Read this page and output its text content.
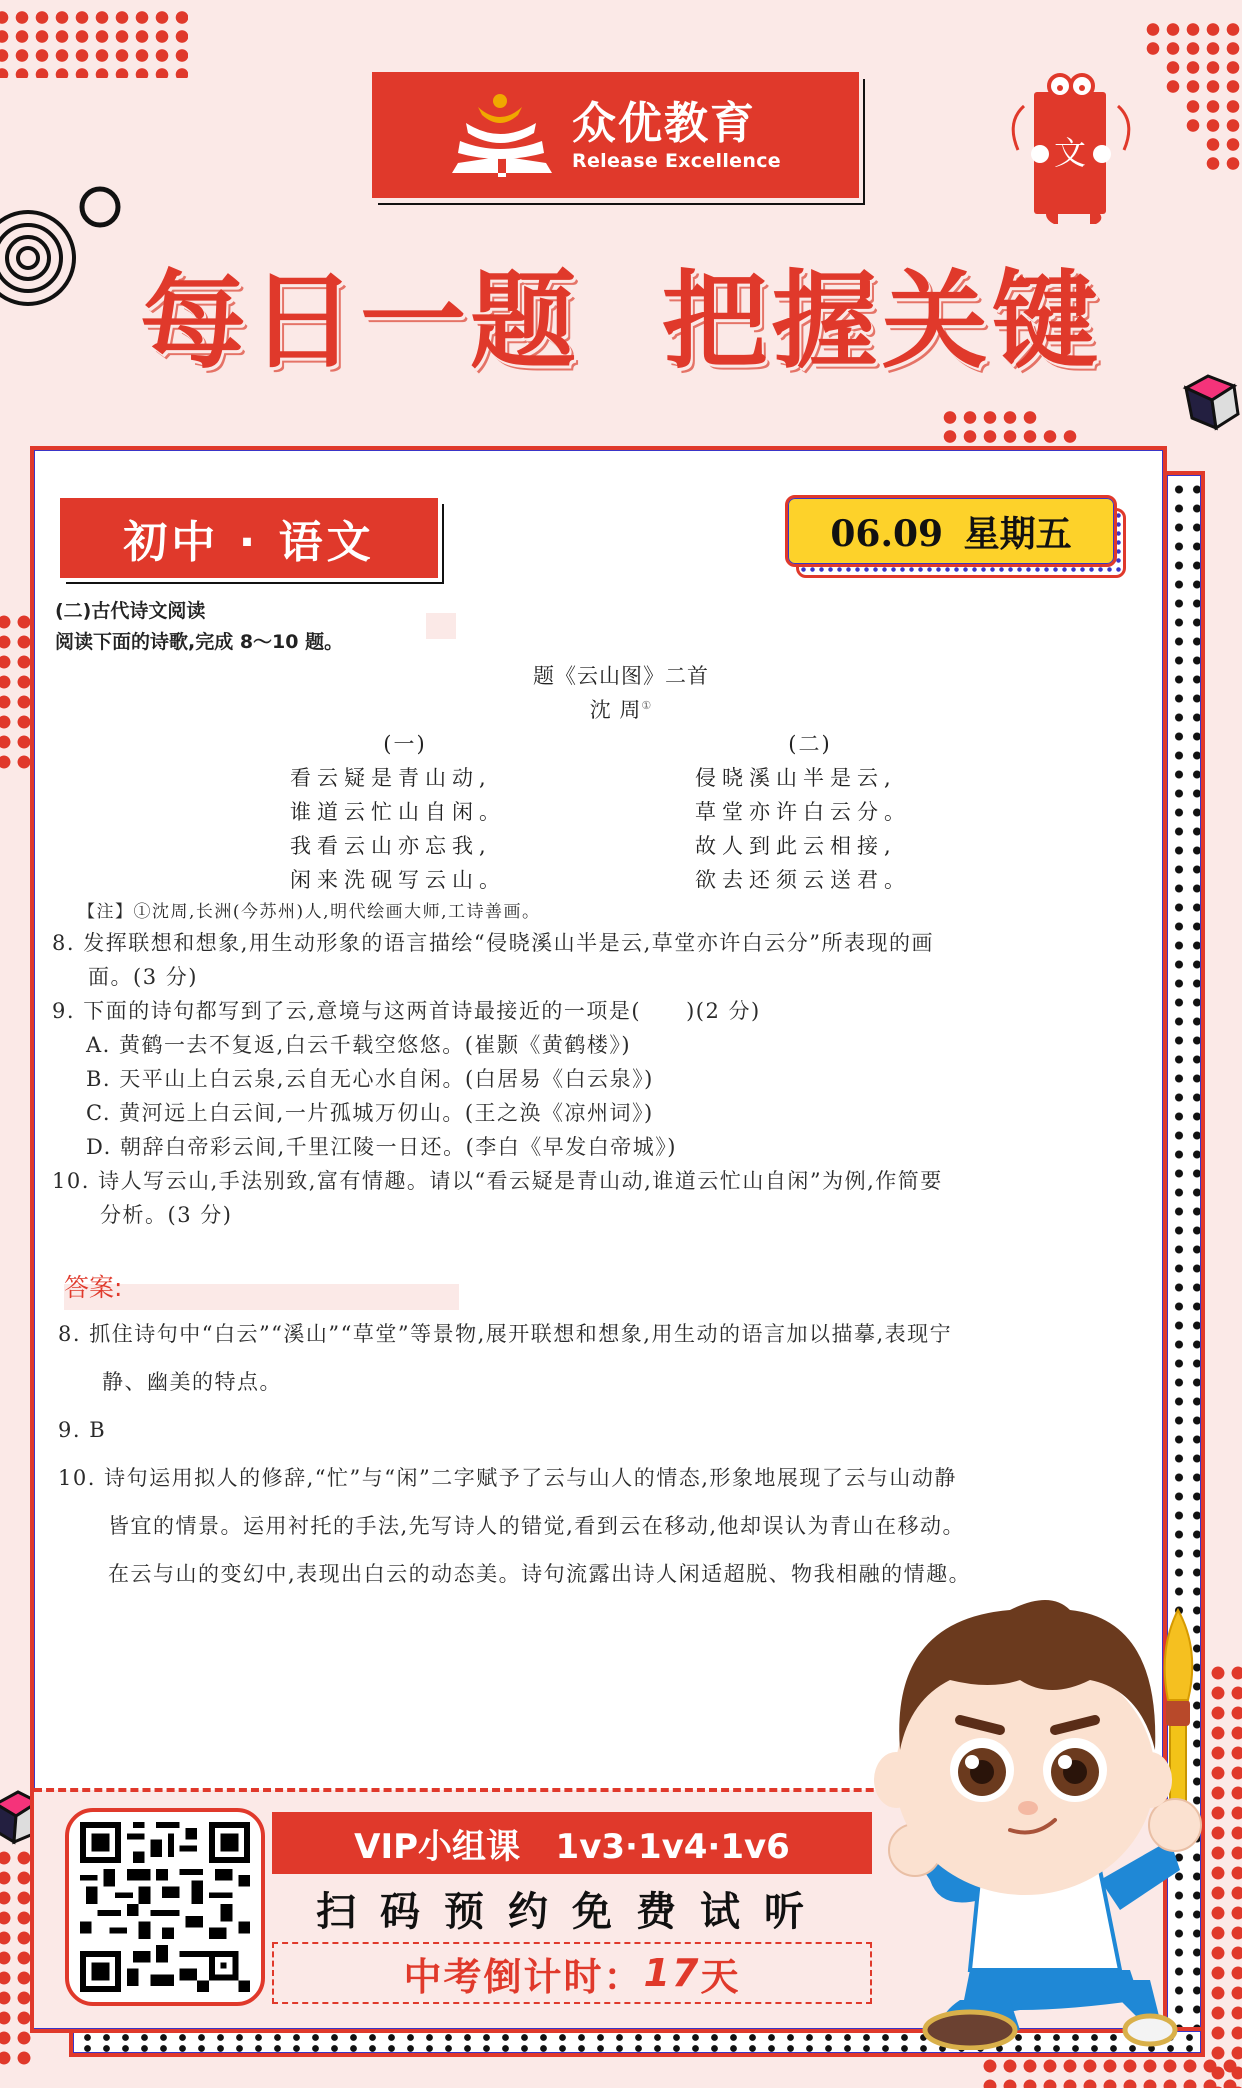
众优教育
Release Excellence	文
每日一题  把握关键
初中 · 语文	06.09 星期五
(二)古代诗文阅读
阅读下面的诗歌,完成 8～10 题。
题《云山图》二首
沈 周①
(一)
看云疑是青山动,
谁道云忙山自闲。
我看云山亦忘我,
闲来洗砚写云山。
(二)
侵晓溪山半是云,
草堂亦许白云分。
故人到此云相接,
欲去还须云送君。
【注】①沈周,长洲(今苏州)人,明代绘画大师,工诗善画。
8. 发挥联想和想象,用生动形象的语言描绘“侵晓溪山半是云,草堂亦许白云分”所表现的画
面。(3 分)
9. 下面的诗句都写到了云,意境与这两首诗最接近的一项是(　　)(2 分)
A. 黄鹤一去不复返,白云千载空悠悠。(崔颢《黄鹤楼》)
B. 天平山上白云泉,云自无心水自闲。(白居易《白云泉》)
C. 黄河远上白云间,一片孤城万仞山。(王之涣《凉州词》)
D. 朝辞白帝彩云间,千里江陵一日还。(李白《早发白帝城》)
10. 诗人写云山,手法别致,富有情趣。请以“看云疑是青山动,谁道云忙山自闲”为例,作简要
分析。(3 分)
答案:
8. 抓住诗句中“白云”“溪山”“草堂”等景物,展开联想和想象,用生动的语言加以描摹,表现宁
静、幽美的特点。
9. B
10. 诗句运用拟人的修辞,“忙”与“闲”二字赋予了云与山人的情态,形象地展现了云与山动静
皆宜的情景。运用衬托的手法,先写诗人的错觉,看到云在移动,他却误认为青山在移动。
在云与山的变幻中,表现出白云的动态美。诗句流露出诗人闲适超脱、物我相融的情趣。
VIP小组课   1v3·1v4·1v6
扫码预约免费试听
中考倒计时： 17 天
